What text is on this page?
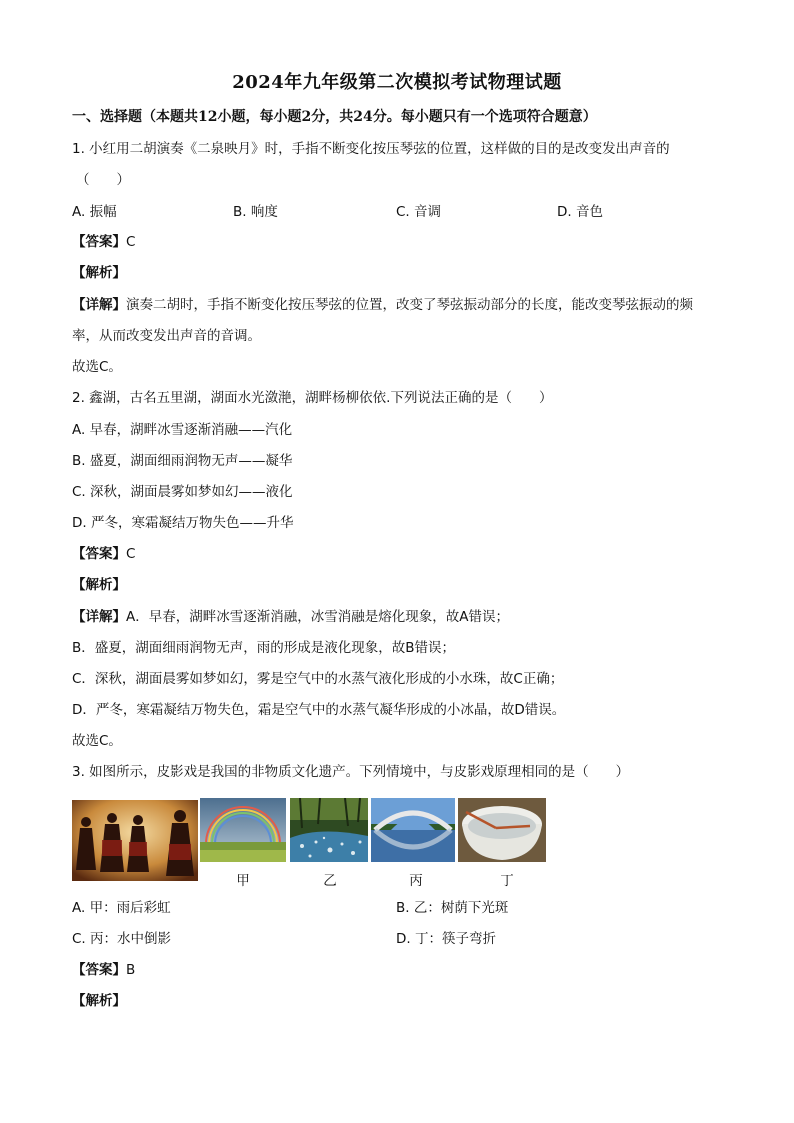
2024年九年级第二次模拟考试物理试题
一、选择题（本题共12小题，每小题2分，共24分。每小题只有一个选项符合题意）
1. 小红用二胡演奏《二泉映月》时，手指不断变化按压琴弦的位置，这样做的目的是改变发出声音的
（　　）
A. 振幅	B. 响度	C. 音调	D. 音色
【答案】C
【解析】
【详解】演奏二胡时，手指不断变化按压琴弦的位置，改变了琴弦振动部分的长度，能改变琴弦振动的频
率，从而改变发出声音的音调。
故选C。
2. 鑫湖，古名五里湖，湖面水光潋滟，湖畔杨柳依依.下列说法正确的是（　　）
A. 早春，湖畔冰雪逐渐消融——汽化
B. 盛夏，湖面细雨润物无声——凝华
C. 深秋，湖面晨雾如梦如幻——液化
D. 严冬，寒霜凝结万物失色——升华
【答案】C
【解析】
【详解】A．早春，湖畔冰雪逐渐消融，冰雪消融是熔化现象，故A错误；
B．盛夏，湖面细雨润物无声，雨的形成是液化现象，故B错误；
C．深秋，湖面晨雾如梦如幻，雾是空气中的水蒸气液化形成的小水珠，故C正确；
D．严冬，寒霜凝结万物失色，霜是空气中的水蒸气凝华形成的小冰晶，故D错误。
故选C。
3. 如图所示，皮影戏是我国的非物质文化遗产。下列情境中，与皮影戏原理相同的是（　　）
甲	乙	丙	丁
A. 甲：雨后彩虹	B. 乙：树荫下光斑
C. 丙：水中倒影	D. 丁：筷子弯折
【答案】B
【解析】
